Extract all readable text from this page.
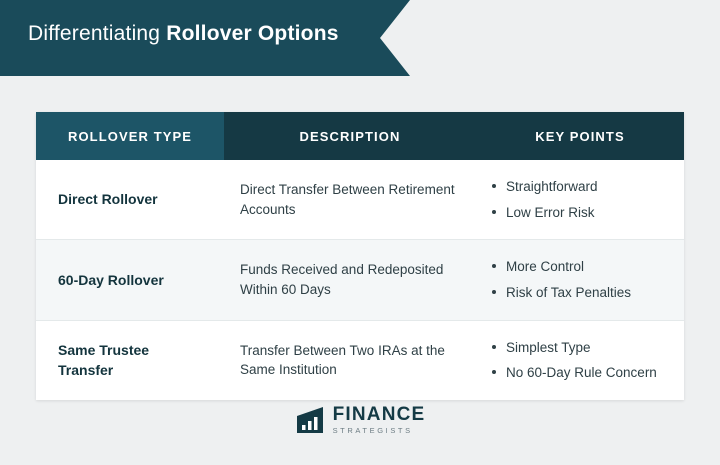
Differentiating Rollover Options
ROLLOVER TYPE	DESCRIPTION	KEY POINTS
Direct Rollover
Direct Transfer Between Retirement Accounts
Straightforward
Low Error Risk
60-Day Rollover
Funds Received and Redeposited Within 60 Days
More Control
Risk of Tax Penalties
Same Trustee Transfer
Transfer Between Two IRAs at the Same Institution
Simplest Type
No 60-Day Rule Concern
FINANCE
STRATEGISTS
